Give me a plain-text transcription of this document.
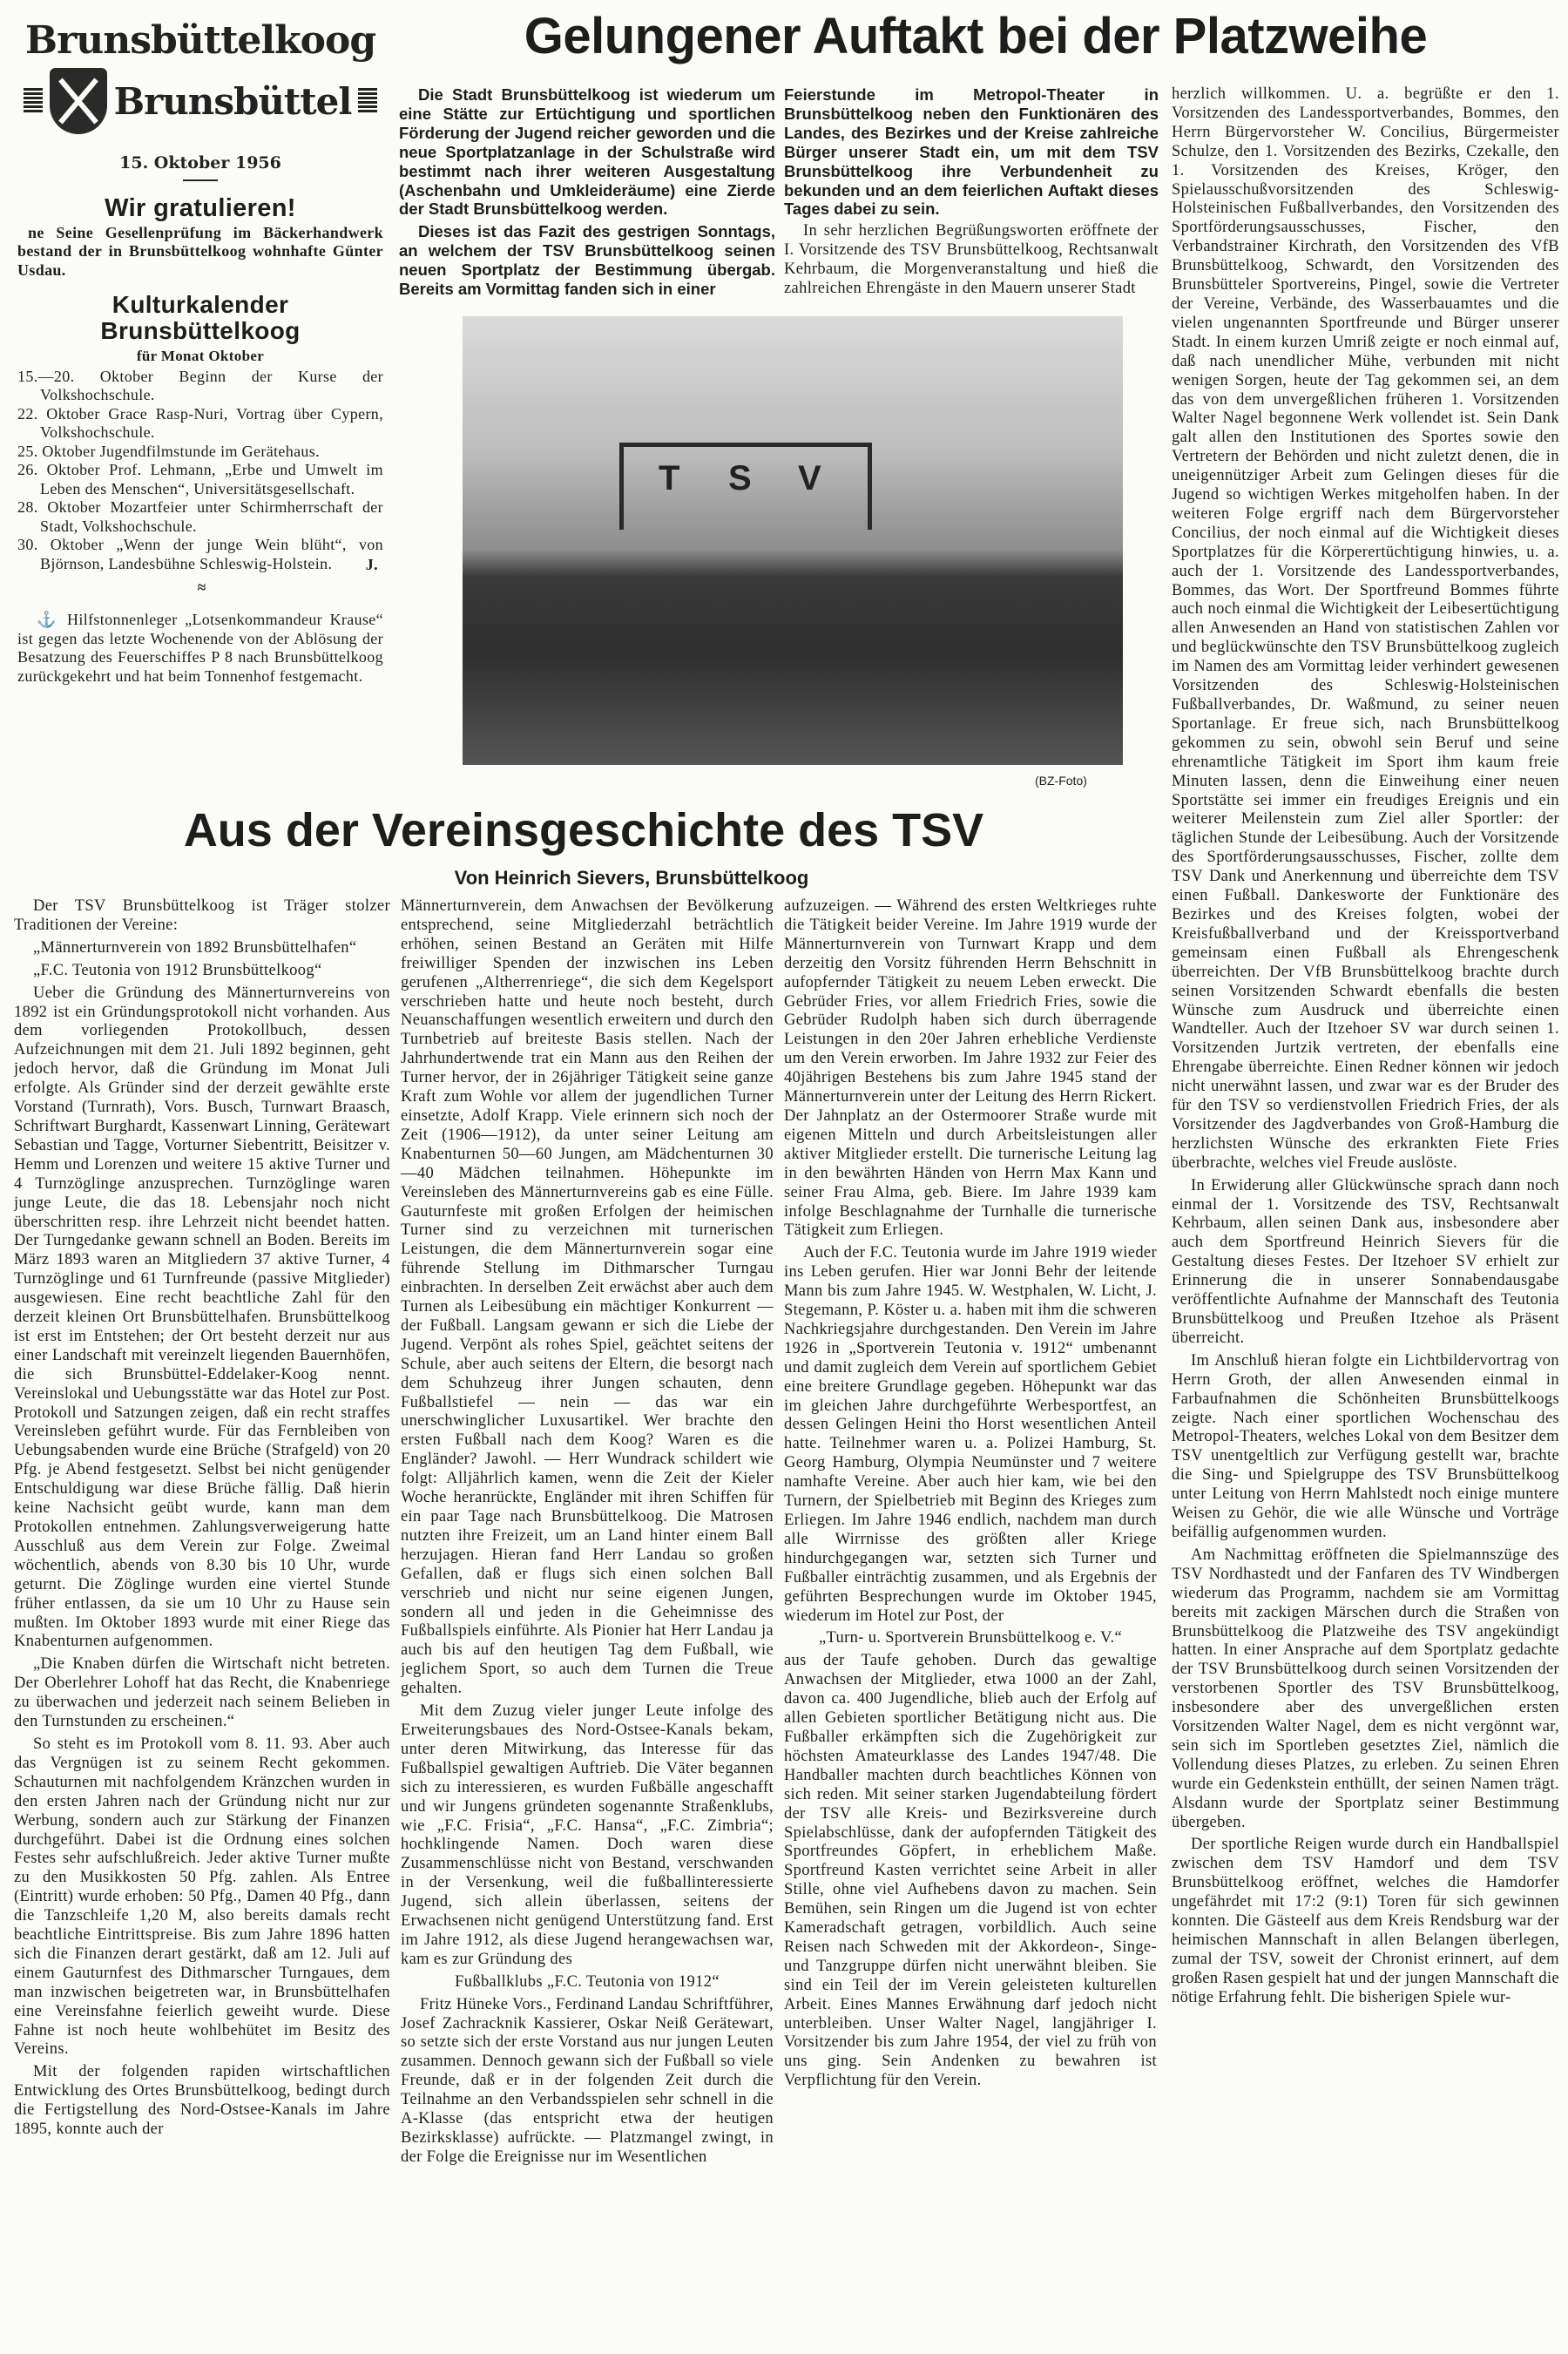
Brunsbüttelkoog
Brunsbüttel
15. Oktober 1956
Wir gratulieren!

ne Seine Gesellenprüfung im Bäckerhandwerk bestand der in Brunsbüttelkoog wohnhafte Günter Usdau.

Kulturkalender
Brunsbüttelkoog
für Monat Oktober

15.—20. Oktober Beginn der Kurse der Volkshochschule.

22. Oktober Grace Rasp-Nuri, Vortrag über Cypern, Volkshochschule.

25. Oktober Jugendfilmstunde im Gerätehaus.

26. Oktober Prof. Lehmann, „Erbe und Umwelt im Leben des Menschen“, Universitätsgesellschaft.

28. Oktober Mozartfeier unter Schirmherrschaft der Stadt, Volkshochschule.

30. Oktober „Wenn der junge Wein blüht“, von Björnson, Landesbühne Schleswig-Holstein.	J.
≈

⚓ Hilfstonnenleger „Lotsenkommandeur Krause“ ist gegen das letzte Wochenende von der Ablösung der Besatzung des Feuerschiffes P 8 nach Brunsbüttelkoog zurückgekehrt und hat beim Tonnenhof festgemacht.

Gelungener Auftakt bei der Platzweihe

Die Stadt Brunsbüttelkoog ist wiederum um eine Stätte zur Ertüchtigung und sportlichen Förderung der Jugend reicher geworden und die neue Sportplatzanlage in der Schulstraße wird bestimmt nach ihrer weiteren Ausgestaltung (Aschenbahn und Umkleideräume) eine Zierde der Stadt Brunsbüttelkoog werden.

Dieses ist das Fazit des gestrigen Sonntags, an welchem der TSV Brunsbüttelkoog seinen neuen Sportplatz der Bestimmung übergab. Bereits am Vormittag fanden sich in einer

Feierstunde im Metropol-Theater in Brunsbüttelkoog neben den Funktionären des Landes, des Bezirkes und der Kreise zahlreiche Bürger unserer Stadt ein, um mit dem TSV Brunsbüttelkoog ihre Verbundenheit zu bekunden und an dem feierlichen Auftakt dieses Tages dabei zu sein.

In sehr herzlichen Begrüßungsworten eröffnete der I. Vorsitzende des TSV Brunsbüttelkoog, Rechtsanwalt Kehrbaum, die Morgenveranstaltung und hieß die zahlreichen Ehrengäste in den Mauern unserer Stadt

T S V
(BZ-Foto)

herzlich willkommen. U. a. begrüßte er den 1. Vorsitzenden des Landessportverbandes, Bommes, den Herrn Bürgervorsteher W. Concilius, Bürgermeister Schulze, den 1. Vorsitzenden des Bezirks, Czekalle, den 1. Vorsitzenden des Kreises, Kröger, den Spielausschußvorsitzenden des Schleswig-Holsteinischen Fußballverbandes, den Vorsitzenden des Sportförderungsausschusses, Fischer, den Verbandstrainer Kirchrath, den Vorsitzenden des VfB Brunsbüttelkoog, Schwardt, den Vorsitzenden des Brunsbütteler Sportvereins, Pingel, sowie die Vertreter der Vereine, Verbände, des Wasserbauamtes und die vielen ungenannten Sportfreunde und Bürger unserer Stadt. In einem kurzen Umriß zeigte er noch einmal auf, daß nach unendlicher Mühe, verbunden mit nicht wenigen Sorgen, heute der Tag gekommen sei, an dem das von dem unvergeßlichen früheren 1. Vorsitzenden Walter Nagel begonnene Werk vollendet ist. Sein Dank galt allen den Institutionen des Sportes sowie den Vertretern der Behörden und nicht zuletzt denen, die in uneigennütziger Arbeit zum Gelingen dieses für die Jugend so wichtigen Werkes mitgeholfen haben. In der weiteren Folge ergriff nach dem Bürgervorsteher Concilius, der noch einmal auf die Wichtigkeit dieses Sportplatzes für die Körperertüchtigung hinwies, u. a. auch der 1. Vorsitzende des Landessportverbandes, Bommes, das Wort. Der Sportfreund Bommes führte auch noch einmal die Wichtigkeit der Leibesertüchtigung allen Anwesenden an Hand von statistischen Zahlen vor und beglückwünschte den TSV Brunsbüttelkoog zugleich im Namen des am Vormittag leider verhindert gewesenen Vorsitzenden des Schleswig-Holsteinischen Fußballverbandes, Dr. Waßmund, zu seiner neuen Sportanlage. Er freue sich, nach Brunsbüttelkoog gekommen zu sein, obwohl sein Beruf und seine ehrenamtliche Tätigkeit im Sport ihm kaum freie Minuten lassen, denn die Einweihung einer neuen Sportstätte sei immer ein freudiges Ereignis und ein weiterer Meilenstein zum Ziel aller Sportler: der täglichen Stunde der Leibesübung. Auch der Vorsitzende des Sportförderungsausschusses, Fischer, zollte dem TSV Dank und Anerkennung und überreichte dem TSV einen Fußball. Dankesworte der Funktionäre des Bezirkes und des Kreises folgten, wobei der Kreisfußballverband und der Kreissportverband gemeinsam einen Fußball als Ehrengeschenk überreichten. Der VfB Brunsbüttelkoog brachte durch seinen Vorsitzenden Schwardt ebenfalls die besten Wünsche zum Ausdruck und überreichte einen Wandteller. Auch der Itzehoer SV war durch seinen 1. Vorsitzenden Jurtzik vertreten, der ebenfalls eine Ehrengabe überreichte. Einen Redner können wir jedoch nicht unerwähnt lassen, und zwar war es der Bruder des für den TSV so verdienstvollen Friedrich Fries, der als Vorsitzender des Jagdverbandes von Groß-Hamburg die herzlichsten Wünsche des erkrankten Fiete Fries überbrachte, welches viel Freude auslöste.

In Erwiderung aller Glückwünsche sprach dann noch einmal der 1. Vorsitzende des TSV, Rechtsanwalt Kehrbaum, allen seinen Dank aus, insbesondere aber auch dem Sportfreund Heinrich Sievers für die Gestaltung dieses Festes. Der Itzehoer SV erhielt zur Erinnerung die in unserer Sonnabendausgabe veröffentlichte Aufnahme der Mannschaft des Teutonia Brunsbüttelkoog und Preußen Itzehoe als Präsent überreicht.

Im Anschluß hieran folgte ein Lichtbildervortrag von Herrn Groth, der allen Anwesenden einmal in Farbaufnahmen die Schönheiten Brunsbüttelkoogs zeigte. Nach einer sportlichen Wochenschau des Metropol-Theaters, welches Lokal von dem Besitzer dem TSV unentgeltlich zur Verfügung gestellt war, brachte die Sing- und Spielgruppe des TSV Brunsbüttelkoog unter Leitung von Herrn Mahlstedt noch einige muntere Weisen zu Gehör, die wie alle Wünsche und Vorträge beifällig aufgenommen wurden.

Am Nachmittag eröffneten die Spielmannszüge des TSV Nordhastedt und der Fanfaren des TV Windbergen wiederum das Programm, nachdem sie am Vormittag bereits mit zackigen Märschen durch die Straßen von Brunsbüttelkoog die Platzweihe des TSV angekündigt hatten. In einer Ansprache auf dem Sportplatz gedachte der TSV Brunsbüttelkoog durch seinen Vorsitzenden der verstorbenen Sportler des TSV Brunsbüttelkoog, insbesondere aber des unvergeßlichen ersten Vorsitzenden Walter Nagel, dem es nicht vergönnt war, sein sich im Sportleben gesetztes Ziel, nämlich die Vollendung dieses Platzes, zu erleben. Zu seinen Ehren wurde ein Gedenkstein enthüllt, der seinen Namen trägt. Alsdann wurde der Sportplatz seiner Bestimmung übergeben.

Der sportliche Reigen wurde durch ein Handballspiel zwischen dem TSV Hamdorf und dem TSV Brunsbüttelkoog eröffnet, welches die Hamdorfer ungefährdet mit 17:2 (9:1) Toren für sich gewinnen konnten. Die Gästeelf aus dem Kreis Rendsburg war der heimischen Mannschaft in allen Belangen überlegen, zumal der TSV, soweit der Chronist erinnert, auf dem großen Rasen gespielt hat und der jungen Mannschaft die nötige Erfahrung fehlt. Die bisherigen Spiele wur-

Aus der Vereinsgeschichte des TSV
Von Heinrich Sievers, Brunsbüttelkoog

Der TSV Brunsbüttelkoog ist Träger stolzer Traditionen der Vereine:

„Männerturnverein von 1892 Brunsbüttelhafen“

„F.C. Teutonia von 1912 Brunsbüttelkoog“

Ueber die Gründung des Männerturnvereins von 1892 ist ein Gründungsprotokoll nicht vorhanden. Aus dem vorliegenden Protokollbuch, dessen Aufzeichnungen mit dem 21. Juli 1892 beginnen, geht jedoch hervor, daß die Gründung im Monat Juli erfolgte. Als Gründer sind der derzeit gewählte erste Vorstand (Turnrath), Vors. Busch, Turnwart Braasch, Schriftwart Burghardt, Kassenwart Linning, Gerätewart Sebastian und Tagge, Vorturner Siebentritt, Beisitzer v. Hemm und Lorenzen und weitere 15 aktive Turner und 4 Turnzöglinge anzusprechen. Turnzöglinge waren junge Leute, die das 18. Lebensjahr noch nicht überschritten resp. ihre Lehrzeit nicht beendet hatten. Der Turngedanke gewann schnell an Boden. Bereits im März 1893 waren an Mitgliedern 37 aktive Turner, 4 Turnzöglinge und 61 Turnfreunde (passive Mitglieder) ausgewiesen. Eine recht beachtliche Zahl für den derzeit kleinen Ort Brunsbüttelhafen. Brunsbüttelkoog ist erst im Entstehen; der Ort besteht derzeit nur aus einer Landschaft mit vereinzelt liegenden Bauernhöfen, die sich Brunsbüttel-Eddelaker-Koog nennt. Vereinslokal und Uebungsstätte war das Hotel zur Post. Protokoll und Satzungen zeigen, daß ein recht straffes Vereinsleben geführt wurde. Für das Fernbleiben von Uebungsabenden wurde eine Brüche (Strafgeld) von 20 Pfg. je Abend festgesetzt. Selbst bei nicht genügender Entschuldigung war diese Brüche fällig. Daß hierin keine Nachsicht geübt wurde, kann man dem Protokollen entnehmen. Zahlungsverweigerung hatte Ausschluß aus dem Verein zur Folge. Zweimal wöchentlich, abends von 8.30 bis 10 Uhr, wurde geturnt. Die Zöglinge wurden eine viertel Stunde früher entlassen, da sie um 10 Uhr zu Hause sein mußten. Im Oktober 1893 wurde mit einer Riege das Knabenturnen aufgenommen.

„Die Knaben dürfen die Wirtschaft nicht betreten. Der Oberlehrer Lohoff hat das Recht, die Knabenriege zu überwachen und jederzeit nach seinem Belieben in den Turnstunden zu erscheinen.“

So steht es im Protokoll vom 8. 11. 93. Aber auch das Vergnügen ist zu seinem Recht gekommen. Schauturnen mit nachfolgendem Kränzchen wurden in den ersten Jahren nach der Gründung nicht nur zur Werbung, sondern auch zur Stärkung der Finanzen durchgeführt. Dabei ist die Ordnung eines solchen Festes sehr aufschlußreich. Jeder aktive Turner mußte zu den Musikkosten 50 Pfg. zahlen. Als Entree (Eintritt) wurde erhoben: 50 Pfg., Damen 40 Pfg., dann die Tanzschleife 1,20 M, also bereits damals recht beachtliche Eintrittspreise. Bis zum Jahre 1896 hatten sich die Finanzen derart gestärkt, daß am 12. Juli auf einem Gauturnfest des Dithmarscher Turngaues, dem man inzwischen beigetreten war, in Brunsbüttelhafen eine Vereinsfahne feierlich geweiht wurde. Diese Fahne ist noch heute wohlbehütet im Besitz des Vereins.

Mit der folgenden rapiden wirtschaftlichen Entwicklung des Ortes Brunsbüttelkoog, bedingt durch die Fertigstellung des Nord-Ostsee-Kanals im Jahre 1895, konnte auch der

Männerturnverein, dem Anwachsen der Bevölkerung entsprechend, seine Mitgliederzahl beträchtlich erhöhen, seinen Bestand an Geräten mit Hilfe freiwilliger Spenden der inzwischen ins Leben gerufenen „Altherrenriege“, die sich dem Kegelsport verschrieben hatte und heute noch besteht, durch Neuanschaffungen wesentlich erweitern und durch den Turnbetrieb auf breiteste Basis stellen. Nach der Jahrhundertwende trat ein Mann aus den Reihen der Turner hervor, der in 26jähriger Tätigkeit seine ganze Kraft zum Wohle vor allem der jugendlichen Turner einsetzte, Adolf Krapp. Viele erinnern sich noch der Zeit (1906—1912), da unter seiner Leitung am Knabenturnen 50—60 Jungen, am Mädchenturnen 30—40 Mädchen teilnahmen. Höhepunkte im Vereinsleben des Männerturnvereins gab es eine Fülle. Gauturnfeste mit großen Erfolgen der heimischen Turner sind zu verzeichnen mit turnerischen Leistungen, die dem Männerturnverein sogar eine führende Stellung im Dithmarscher Turngau einbrachten. In derselben Zeit erwächst aber auch dem Turnen als Leibesübung ein mächtiger Konkurrent — der Fußball. Langsam gewann er sich die Liebe der Jugend. Verpönt als rohes Spiel, geächtet seitens der Schule, aber auch seitens der Eltern, die besorgt nach dem Schuhzeug ihrer Jungen schauten, denn Fußballstiefel — nein — das war ein unerschwinglicher Luxusartikel. Wer brachte den ersten Fußball nach dem Koog? Waren es die Engländer? Jawohl. — Herr Wundrack schildert wie folgt: Alljährlich kamen, wenn die Zeit der Kieler Woche heranrückte, Engländer mit ihren Schiffen für ein paar Tage nach Brunsbüttelkoog. Die Matrosen nutzten ihre Freizeit, um an Land hinter einem Ball herzujagen. Hieran fand Herr Landau so großen Gefallen, daß er flugs sich einen solchen Ball verschrieb und nicht nur seine eigenen Jungen, sondern all und jeden in die Geheimnisse des Fußballspiels einführte. Als Pionier hat Herr Landau ja auch bis auf den heutigen Tag dem Fußball, wie jeglichem Sport, so auch dem Turnen die Treue gehalten.

Mit dem Zuzug vieler junger Leute infolge des Erweiterungsbaues des Nord-Ostsee-Kanals bekam, unter deren Mitwirkung, das Interesse für das Fußballspiel gewaltigen Auftrieb. Die Väter begannen sich zu interessieren, es wurden Fußbälle angeschafft und wir Jungens gründeten sogenannte Straßenklubs, wie „F.C. Frisia“, „F.C. Hansa“, „F.C. Zimbria“; hochklingende Namen. Doch waren diese Zusammenschlüsse nicht von Bestand, verschwanden in der Versenkung, weil die fußballinteressierte Jugend, sich allein überlassen, seitens der Erwachsenen nicht genügend Unterstützung fand. Erst im Jahre 1912, als diese Jugend herangewachsen war, kam es zur Gründung des

Fußballklubs „F.C. Teutonia von 1912“

Fritz Hüneke Vors., Ferdinand Landau Schriftführer, Josef Zachracknik Kassierer, Oskar Neiß Gerätewart, so setzte sich der erste Vorstand aus nur jungen Leuten zusammen. Dennoch gewann sich der Fußball so viele Freunde, daß er in der folgenden Zeit durch die Teilnahme an den Verbandsspielen sehr schnell in die A-Klasse (das entspricht etwa der heutigen Bezirksklasse) aufrückte. — Platzmangel zwingt, in der Folge die Ereignisse nur im Wesentlichen

aufzuzeigen. — Während des ersten Weltkrieges ruhte die Tätigkeit beider Vereine. Im Jahre 1919 wurde der Männerturnverein von Turnwart Krapp und dem derzeitig den Vorsitz führenden Herrn Behschnitt in aufopfernder Tätigkeit zu neuem Leben erweckt. Die Gebrüder Fries, vor allem Friedrich Fries, sowie die Gebrüder Rudolph haben sich durch überragende Leistungen in den 20er Jahren erhebliche Verdienste um den Verein erworben. Im Jahre 1932 zur Feier des 40jährigen Bestehens bis zum Jahre 1945 stand der Männerturnverein unter der Leitung des Herrn Rickert. Der Jahnplatz an der Ostermoorer Straße wurde mit eigenen Mitteln und durch Arbeitsleistungen aller aktiver Mitglieder erstellt. Die turnerische Leitung lag in den bewährten Händen von Herrn Max Kann und seiner Frau Alma, geb. Biere. Im Jahre 1939 kam infolge Beschlagnahme der Turnhalle die turnerische Tätigkeit zum Erliegen.

Auch der F.C. Teutonia wurde im Jahre 1919 wieder ins Leben gerufen. Hier war Jonni Behr der leitende Mann bis zum Jahre 1945. W. Westphalen, W. Licht, J. Stegemann, P. Köster u. a. haben mit ihm die schweren Nachkriegsjahre durchgestanden. Den Verein im Jahre 1926 in „Sportverein Teutonia v. 1912“ umbenannt und damit zugleich dem Verein auf sportlichem Gebiet eine breitere Grundlage gegeben. Höhepunkt war das im gleichen Jahre durchgeführte Werbesportfest, an dessen Gelingen Heini tho Horst wesentlichen Anteil hatte. Teilnehmer waren u. a. Polizei Hamburg, St. Georg Hamburg, Olympia Neumünster und 7 weitere namhafte Vereine. Aber auch hier kam, wie bei den Turnern, der Spielbetrieb mit Beginn des Krieges zum Erliegen. Im Jahre 1946 endlich, nachdem man durch alle Wirrnisse des größten aller Kriege hindurchgegangen war, setzten sich Turner und Fußballer einträchtig zusammen, und als Ergebnis der geführten Besprechungen wurde im Oktober 1945, wiederum im Hotel zur Post, der

„Turn- u. Sportverein Brunsbüttelkoog e. V.“

aus der Taufe gehoben. Durch das gewaltige Anwachsen der Mitglieder, etwa 1000 an der Zahl, davon ca. 400 Jugendliche, blieb auch der Erfolg auf allen Gebieten sportlicher Betätigung nicht aus. Die Fußballer erkämpften sich die Zugehörigkeit zur höchsten Amateurklasse des Landes 1947/48. Die Handballer machten durch beachtliches Können von sich reden. Mit seiner starken Jugendabteilung fördert der TSV alle Kreis- und Bezirksvereine durch Spielabschlüsse, dank der aufopfernden Tätigkeit des Sportfreundes Göpfert, in erheblichem Maße. Sportfreund Kasten verrichtet seine Arbeit in aller Stille, ohne viel Aufhebens davon zu machen. Sein Bemühen, sein Ringen um die Jugend ist von echter Kameradschaft getragen, vorbildlich. Auch seine Reisen nach Schweden mit der Akkordeon-, Singe- und Tanzgruppe dürfen nicht unerwähnt bleiben. Sie sind ein Teil der im Verein geleisteten kulturellen Arbeit. Eines Mannes Erwähnung darf jedoch nicht unterbleiben. Unser Walter Nagel, langjähriger I. Vorsitzender bis zum Jahre 1954, der viel zu früh von uns ging. Sein Andenken zu bewahren ist Verpflichtung für den Verein.
